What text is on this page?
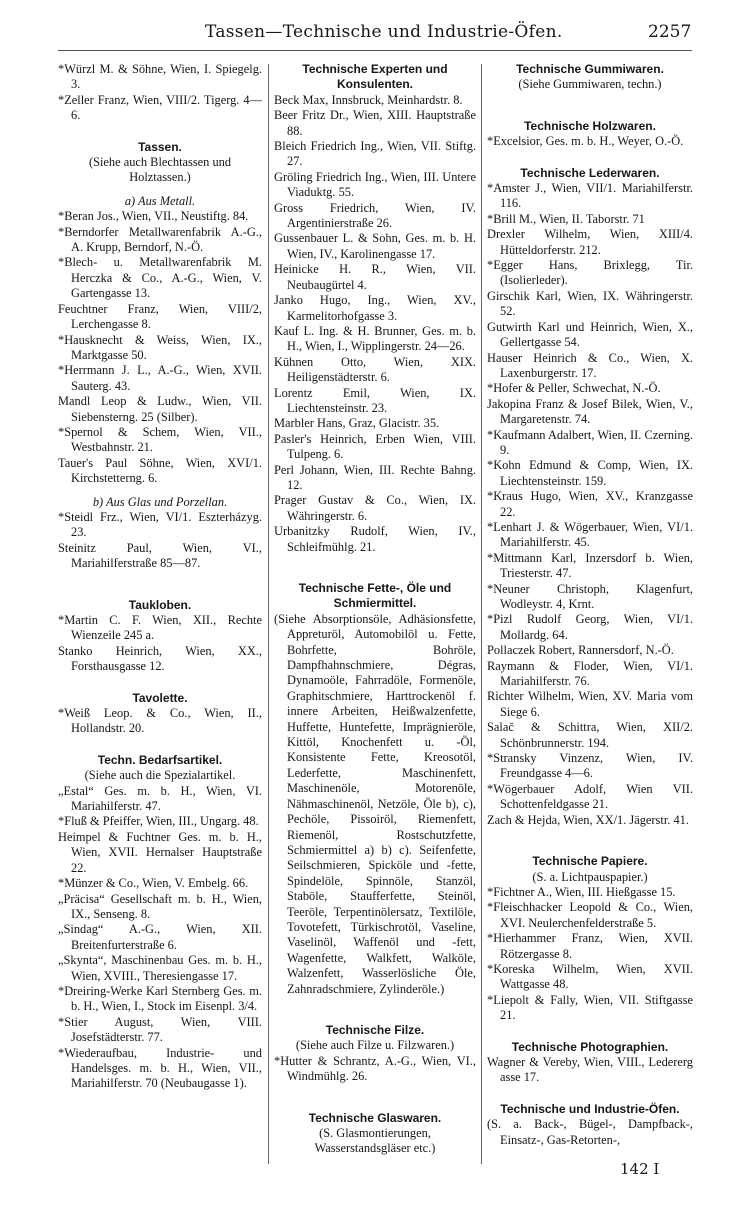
Tassen—Technische und Industrie-Öfen.	2257

*Würzl M. & Söhne, Wien, I. Spiegelg. 3.

*Zeller Franz, Wien, VIII/2. Tigerg. 4—6.

Tassen.

(Siehe auch Blechtassen und Holztassen.)

a) Aus Metall.

*Beran Jos., Wien, VII., Neustiftg. 84.

*Berndorfer Metallwarenfabrik A.-G., A. Krupp, Berndorf, N.-Ö.

*Blech- u. Metallwarenfabrik M. Herczka & Co., A.-G., Wien, V. Gartengasse 13.

Feuchtner Franz, Wien, VIII/2, Lerchengasse 8.

*Hausknecht & Weiss, Wien, IX., Marktgasse 50.

*Herrmann J. L., A.-G., Wien, XVII. Sauterg. 43.

Mandl Leop & Ludw., Wien, VII. Siebensterng. 25 (Silber).

*Spernol & Schem, Wien, VII., Westbahnstr. 21.

Tauer's Paul Söhne, Wien, XVI/1. Kirchstetterng. 6.

b) Aus Glas und Porzellan.

*Steidl Frz., Wien, VI/1. Eszterházyg. 23.

Steinitz Paul, Wien, VI., Mariahilferstraße 85—87.

Taukloben.

*Martin C. F. Wien, XII., Rechte Wienzeile 245 a.

Stanko Heinrich, Wien, XX., Forsthausgasse 12.

Tavolette.

*Weiß Leop. & Co., Wien, II., Hollandstr. 20.

Techn. Bedarfsartikel.

(Siehe auch die Spezialartikel.

„Estal“ Ges. m. b. H., Wien, VI. Mariahilferstr. 47.

*Fluß & Pfeiffer, Wien, III., Ungarg. 48.

Heimpel & Fuchtner Ges. m. b. H., Wien, XVII. Hernalser Hauptstraße 22.

*Münzer & Co., Wien, V. Embelg. 66.

„Präcisa“ Gesellschaft m. b. H., Wien, IX., Senseng. 8.

„Sindag“ A.-G., Wien, XII. Breitenfurterstraße 6.

„Skynta“, Maschinenbau Ges. m. b. H., Wien, XVIII., Theresiengasse 17.

*Dreiring-Werke Karl Sternberg Ges. m. b. H., Wien, I., Stock im Eisenpl. 3/4.

*Stier August, Wien, VIII. Josefstädterstr. 77.

*Wiederaufbau, Industrie- und Handelsges. m. b. H., Wien, VII., Mariahilferstr. 70 (Neubaugasse 1).

Technische Experten und Konsulenten.

Beck Max, Innsbruck, Meinhardstr. 8.

Beer Fritz Dr., Wien, XIII. Hauptstraße 88.

Bleich Friedrich Ing., Wien, VII. Stiftg. 27.

Gröling Friedrich Ing., Wien, III. Untere Viaduktg. 55.

Gross Friedrich, Wien, IV. Argentinierstraße 26.

Gussenbauer L. & Sohn, Ges. m. b. H. Wien, IV., Karolinengasse 17.

Heinicke H. R., Wien, VII. Neubaugürtel 4.

Janko Hugo, Ing., Wien, XV., Karmelitorhofgasse 3.

Kauf L. Ing. & H. Brunner, Ges. m. b. H., Wien, I., Wipplingerstr. 24—26.

Kühnen Otto, Wien, XIX. Heiligenstädterstr. 6.

Lorentz Emil, Wien, IX. Liechtensteinstr. 23.

Marbler Hans, Graz, Glacistr. 35.

Pasler's Heinrich, Erben Wien, VIII. Tulpeng. 6.

Perl Johann, Wien, III. Rechte Bahng. 12.

Prager Gustav & Co., Wien, IX. Währingerstr. 6.

Urbanitzky Rudolf, Wien, IV., Schleifmühlg. 21.

Technische Fette-, Öle und Schmiermittel.

(Siehe Absorptionsöle, Adhäsionsfette, Appreturöl, Automobilöl u. Fette, Bohrfette, Bohröle, Dampfhahnschmiere, Dégras, Dynamoöle, Fahrradöle, Formenöle, Graphitschmiere, Harttrockenöl f. innere Arbeiten, Heißwalzenfette, Huffette, Huntefette, Imprägnieröle, Kittöl, Knochenfett u. -Öl, Konsistente Fette, Kreosotöl, Lederfette, Maschinenfett, Maschinenöle, Motorenöle, Nähmaschinenöl, Netzöle, Öle b), c), Pechöle, Pissoiröl, Riemenfett, Riemenöl, Rostschutzfette, Schmiermittel a) b) c). Seifenfette, Seilschmieren, Spicköle und -fette, Spindelöle, Spinnöle, Stanzöl, Staböle, Staufferfette, Steinöl, Teeröle, Terpentinölersatz, Textilöle, Tovotefett, Türkischrotöl, Vaseline, Vaselinöl, Waffenöl und -fett, Wagenfette, Walkfett, Walköle, Walzenfett, Wasserlösliche Öle, Zahnradschmiere, Zylinderöle.)

Technische Filze.

(Siehe auch Filze u. Filzwaren.)

*Hutter & Schrantz, A.-G., Wien, VI., Windmühlg. 26.

Technische Glaswaren.

(S. Glasmontierungen, Wasserstandsgläser etc.)

Technische Gummiwaren.

(Siehe Gummiwaren, techn.)

Technische Holzwaren.

*Excelsior, Ges. m. b. H., Weyer, O.-Ö.

Technische Lederwaren.

*Amster J., Wien, VII/1. Mariahilferstr. 116.

*Brill M., Wien, II. Taborstr. 71

Drexler Wilhelm, Wien, XIII/4. Hütteldorferstr. 212.

*Egger Hans, Brixlegg, Tir. (Isolierleder).

Girschik Karl, Wien, IX. Währingerstr. 52.

Gutwirth Karl und Heinrich, Wien, X., Gellertgasse 54.

Hauser Heinrich & Co., Wien, X. Laxenburgerstr. 17.

*Hofer & Peller, Schwechat, N.-Ö.

Jakopina Franz & Josef Bilek, Wien, V., Margaretenstr. 74.

*Kaufmann Adalbert, Wien, II. Czerning. 9.

*Kohn Edmund & Comp, Wien, IX. Liechtensteinstr. 159.

*Kraus Hugo, Wien, XV., Kranzgasse 22.

*Lenhart J. & Wögerbauer, Wien, VI/1. Mariahilferstr. 45.

*Mittmann Karl, Inzersdorf b. Wien, Triesterstr. 47.

*Neuner Christoph, Klagenfurt, Wodleystr. 4, Krnt.

*Pizl Rudolf Georg, Wien, VI/1. Mollardg. 64.

Pollaczek Robert, Rannersdorf, N.-Ö.

Raymann & Floder, Wien, VI/1. Mariahilferstr. 76.

Richter Wilhelm, Wien, XV. Maria vom Siege 6.

Salač & Schittra, Wien, XII/2. Schönbrunnerstr. 194.

*Stransky Vinzenz, Wien, IV. Freundgasse 4—6.

*Wögerbauer Adolf, Wien VII. Schottenfeldgasse 21.

Zach & Hejda, Wien, XX/1. Jägerstr. 41.

Technische Papiere.

(S. a. Lichtpauspapier.)

*Fichtner A., Wien, III. Hießgasse 15.

*Fleischhacker Leopold & Co., Wien, XVI. Neulerchenfelderstraße 5.

*Hierhammer Franz, Wien, XVII. Rötzergasse 8.

*Koreska Wilhelm, Wien, XVII. Wattgasse 48.

*Liepolt & Fally, Wien, VII. Stiftgasse 21.

Technische Photographien.

Wagner & Vereby, Wien, VIII., Ledererg asse 17.

Technische und Industrie-Öfen.

(S. a. Back-, Bügel-, Dampfback-, Einsatz-, Gas-Retorten-,

142 I
